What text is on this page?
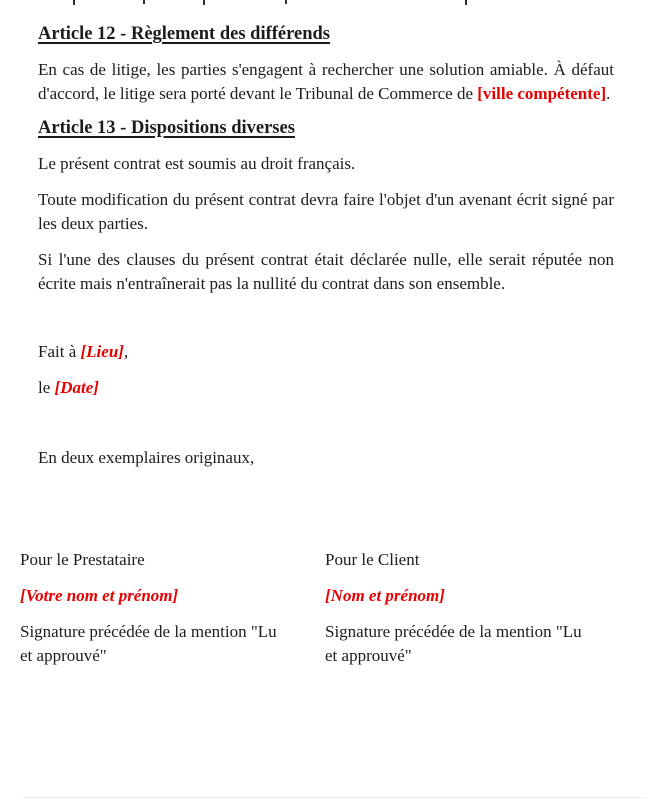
Article 12 - Règlement des différends

En cas de litige, les parties s'engagent à rechercher une solution amiable. À défaut d'accord, le litige sera porté devant le Tribunal de Commerce de [ville compétente].

Article 13 - Dispositions diverses

Le présent contrat est soumis au droit français.

Toute modification du présent contrat devra faire l'objet d'un avenant écrit signé par les deux parties.

Si l'une des clauses du présent contrat était déclarée nulle, elle serait réputée non écrite mais n'entraînerait pas la nullité du contrat dans son ensemble.

Fait à [Lieu],

le [Date]

En deux exemplaires originaux,

Pour le Prestataire

[Votre nom et prénom]

Signature précédée de la mention "Lu et approuvé"

Pour le Client

[Nom et prénom]

Signature précédée de la mention "Lu et approuvé"
